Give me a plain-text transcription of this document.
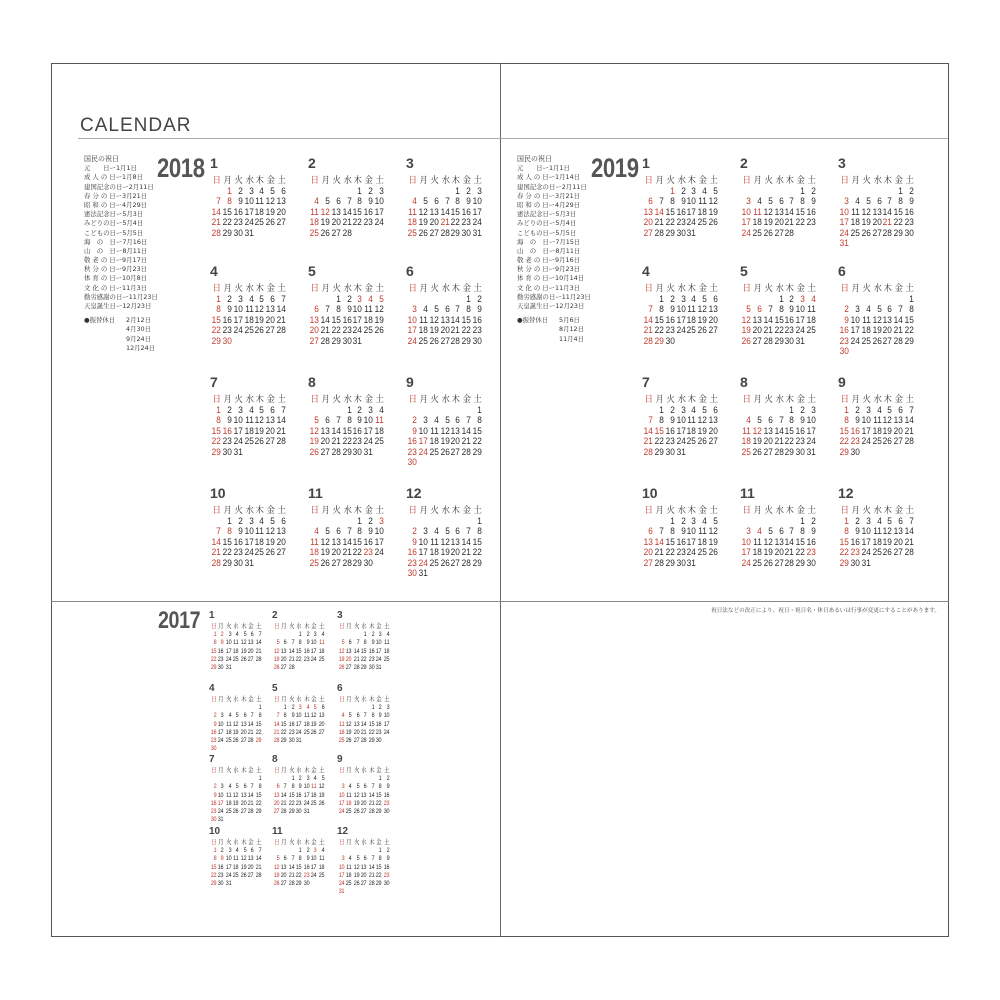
CALENDAR
2018	2019
2017
国民の祝日
元　　日ー1月1日
成 人 の 日ー1月8日
建国記念の日ー2月11日
春 分 の 日ー3月21日
昭 和 の 日ー4月29日
憲法記念日ー5月3日
みどりの日ー5月4日
こどもの日ー5月5日
海　の　日ー7月16日
山　の　日ー8月11日
敬 老 の 日ー9月17日
秋 分 の 日ー9月23日
体 育 の 日ー10月8日
文 化 の 日ー11月3日
勤労感謝の日ー11月23日
天皇誕生日ー12月23日
●振替休日 2月12日
4月30日
9月24日
12月24日
国民の祝日
元　　日ー1月1日
成 人 の 日ー1月14日
建国記念の日ー2月11日
春 分 の 日ー3月21日
昭 和 の 日ー4月29日
憲法記念日ー5月3日
みどりの日ー5月4日
こどもの日ー5月5日
海　の　日ー7月15日
山　の　日ー8月11日
敬 老 の 日ー9月16日
秋 分 の 日ー9月23日
体 育 の 日ー10月14日
文 化 の 日ー11月3日
勤労感謝の日ー11月23日
天皇誕生日ー12月23日
●振替休日 5月6日
8月12日
11月4日
祝日法などの改正により、祝日・祝日名・休日あるいは行事が変更にすることがあります。
1
日 月 火 水 木 金 土
1 2 3 4 5 6
7 8 9 10 11 12 13
14 15 16 17 18 19 20
21 22 23 24 25 26 27
28 29 30 31
2
日 月 火 水 木 金 土
1 2 3
4 5 6 7 8 9 10
11 12 13 14 15 16 17
18 19 20 21 22 23 24
25 26 27 28
3
日 月 火 水 木 金 土
1 2 3
4 5 6 7 8 9 10
11 12 13 14 15 16 17
18 19 20 21 22 23 24
25 26 27 28 29 30 31
4
日 月 火 水 木 金 土
1 2 3 4 5 6 7
8 9 10 11 12 13 14
15 16 17 18 19 20 21
22 23 24 25 26 27 28
29 30
5
日 月 火 水 木 金 土
1 2 3 4 5
6 7 8 9 10 11 12
13 14 15 16 17 18 19
20 21 22 23 24 25 26
27 28 29 30 31
6
日 月 火 水 木 金 土
1 2
3 4 5 6 7 8 9
10 11 12 13 14 15 16
17 18 19 20 21 22 23
24 25 26 27 28 29 30
7
日 月 火 水 木 金 土
1 2 3 4 5 6 7
8 9 10 11 12 13 14
15 16 17 18 19 20 21
22 23 24 25 26 27 28
29 30 31
8
日 月 火 水 木 金 土
1 2 3 4
5 6 7 8 9 10 11
12 13 14 15 16 17 18
19 20 21 22 23 24 25
26 27 28 29 30 31
9
日 月 火 水 木 金 土
1
2 3 4 5 6 7 8
9 10 11 12 13 14 15
16 17 18 19 20 21 22
23 24 25 26 27 28 29
30
10
日 月 火 水 木 金 土
1 2 3 4 5 6
7 8 9 10 11 12 13
14 15 16 17 18 19 20
21 22 23 24 25 26 27
28 29 30 31
11
日 月 火 水 木 金 土
1 2 3
4 5 6 7 8 9 10
11 12 13 14 15 16 17
18 19 20 21 22 23 24
25 26 27 28 29 30
12
日 月 火 水 木 金 土
1
2 3 4 5 6 7 8
9 10 11 12 13 14 15
16 17 18 19 20 21 22
23 24 25 26 27 28 29
30 31
1
日 月 火 水 木 金 土
1 2 3 4 5
6 7 8 9 10 11 12
13 14 15 16 17 18 19
20 21 22 23 24 25 26
27 28 29 30 31
2
日 月 火 水 木 金 土
1 2
3 4 5 6 7 8 9
10 11 12 13 14 15 16
17 18 19 20 21 22 23
24 25 26 27 28
3
日 月 火 水 木 金 土
1 2
3 4 5 6 7 8 9
10 11 12 13 14 15 16
17 18 19 20 21 22 23
24 25 26 27 28 29 30
31
4
日 月 火 水 木 金 土
1 2 3 4 5 6
7 8 9 10 11 12 13
14 15 16 17 18 19 20
21 22 23 24 25 26 27
28 29 30
5
日 月 火 水 木 金 土
1 2 3 4
5 6 7 8 9 10 11
12 13 14 15 16 17 18
19 20 21 22 23 24 25
26 27 28 29 30 31
6
日 月 火 水 木 金 土
1
2 3 4 5 6 7 8
9 10 11 12 13 14 15
16 17 18 19 20 21 22
23 24 25 26 27 28 29
30
7
日 月 火 水 木 金 土
1 2 3 4 5 6
7 8 9 10 11 12 13
14 15 16 17 18 19 20
21 22 23 24 25 26 27
28 29 30 31
8
日 月 火 水 木 金 土
1 2 3
4 5 6 7 8 9 10
11 12 13 14 15 16 17
18 19 20 21 22 23 24
25 26 27 28 29 30 31
9
日 月 火 水 木 金 土
1 2 3 4 5 6 7
8 9 10 11 12 13 14
15 16 17 18 19 20 21
22 23 24 25 26 27 28
29 30
10
日 月 火 水 木 金 土
1 2 3 4 5
6 7 8 9 10 11 12
13 14 15 16 17 18 19
20 21 22 23 24 25 26
27 28 29 30 31
11
日 月 火 水 木 金 土
1 2
3 4 5 6 7 8 9
10 11 12 13 14 15 16
17 18 19 20 21 22 23
24 25 26 27 28 29 30
12
日 月 火 水 木 金 土
1 2 3 4 5 6 7
8 9 10 11 12 13 14
15 16 17 18 19 20 21
22 23 24 25 26 27 28
29 30 31
1
日 月 火 水 木 金 土
1 2 3 4 5 6 7
8 9 10 11 12 13 14
15 16 17 18 19 20 21
22 23 24 25 26 27 28
29 30 31
2
日 月 火 水 木 金 土
1 2 3 4
5 6 7 8 9 10 11
12 13 14 15 16 17 18
19 20 21 22 23 24 25
26 27 28
3
日 月 火 水 木 金 土
1 2 3 4
5 6 7 8 9 10 11
12 13 14 15 16 17 18
19 20 21 22 23 24 25
26 27 28 29 30 31
4
日 月 火 水 木 金 土
1
2 3 4 5 6 7 8
9 10 11 12 13 14 15
16 17 18 19 20 21 22
23 24 25 26 27 28 29
30
5
日 月 火 水 木 金 土
1 2 3 4 5 6
7 8 9 10 11 12 13
14 15 16 17 18 19 20
21 22 23 24 25 26 27
28 29 30 31
6
日 月 火 水 木 金 土
1 2 3
4 5 6 7 8 9 10
11 12 13 14 15 16 17
18 19 20 21 22 23 24
25 26 27 28 29 30
7
日 月 火 水 木 金 土
1
2 3 4 5 6 7 8
9 10 11 12 13 14 15
16 17 18 19 20 21 22
23 24 25 26 27 28 29
30 31
8
日 月 火 水 木 金 土
1 2 3 4 5
6 7 8 9 10 11 12
13 14 15 16 17 18 19
20 21 22 23 24 25 26
27 28 29 30 31
9
日 月 火 水 木 金 土
1 2
3 4 5 6 7 8 9
10 11 12 13 14 15 16
17 18 19 20 21 22 23
24 25 26 27 28 29 30
10
日 月 火 水 木 金 土
1 2 3 4 5 6 7
8 9 10 11 12 13 14
15 16 17 18 19 20 21
22 23 24 25 26 27 28
29 30 31
11
日 月 火 水 木 金 土
1 2 3 4
5 6 7 8 9 10 11
12 13 14 15 16 17 18
19 20 21 22 23 24 25
26 27 28 29 30
12
日 月 火 水 木 金 土
1 2
3 4 5 6 7 8 9
10 11 12 13 14 15 16
17 18 19 20 21 22 23
24 25 26 27 28 29 30
31
